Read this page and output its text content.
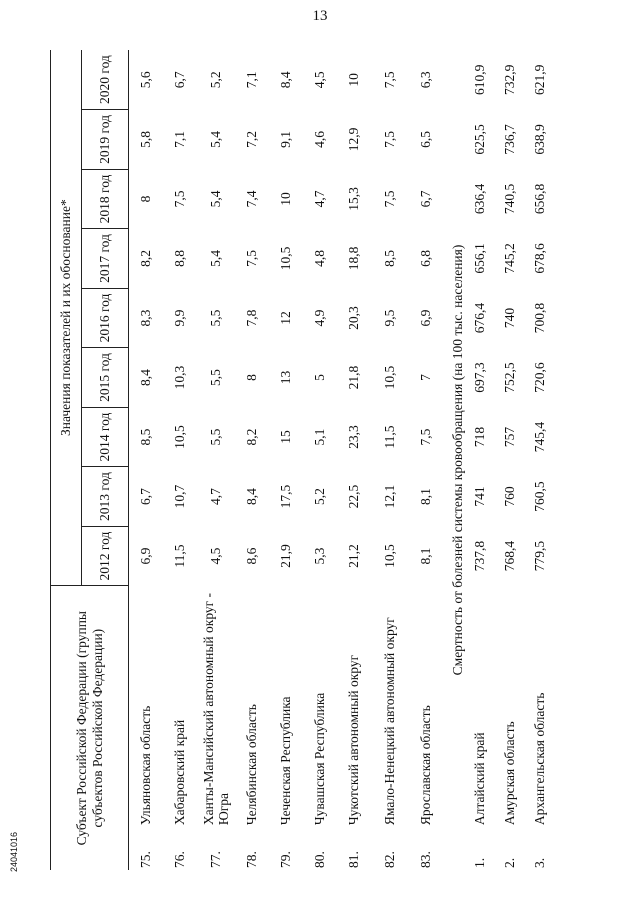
13
Субъект Российской Федерации (группы субъектов Российской Федерации)		Значения показателей и их обоснование*								
		2012 год	2013 год	2014 год	2015 год	2016 год	2017 год	2018 год	2019 год	2020 год
75.	Ульяновская область	6,9	6,7	8,5	8,4	8,3	8,2	8	5,8	5,6
76.	Хабаровский край	11,5	10,7	10,5	10,3	9,9	8,8	7,5	7,1	6,7
77.	Ханты-Мансийский автономный округ - Югра	4,5	4,7	5,5	5,5	5,5	5,4	5,4	5,4	5,2
78.	Челябинская область	8,6	8,4	8,2	8	7,8	7,5	7,4	7,2	7,1
79.	Чеченская Республика	21,9	17,5	15	13	12	10,5	10	9,1	8,4
80.	Чувашская Республика	5,3	5,2	5,1	5	4,9	4,8	4,7	4,6	4,5
81.	Чукотский автономный округ	21,2	22,5	23,3	21,8	20,3	18,8	15,3	12,9	10
82.	Ямало-Ненецкий автономный округ	10,5	12,1	11,5	10,5	9,5	8,5	7,5	7,5	7,5
83.	Ярославская область	8,1	8,1	7,5	7	6,9	6,8	6,7	6,5	6,3
Смертность от болезней системы кровообращения (на 100 тыс. населения)										
1.	Алтайский край	737,8	741	718	697,3	676,4	656,1	636,4	625,5	610,9
2.	Амурская область	768,4	760	757	752,5	740	745,2	740,5	736,7	732,9
3.	Архангельская область	779,5	760,5	745,4	720,6	700,8	678,6	656,8	638,9	621,9
24041016
